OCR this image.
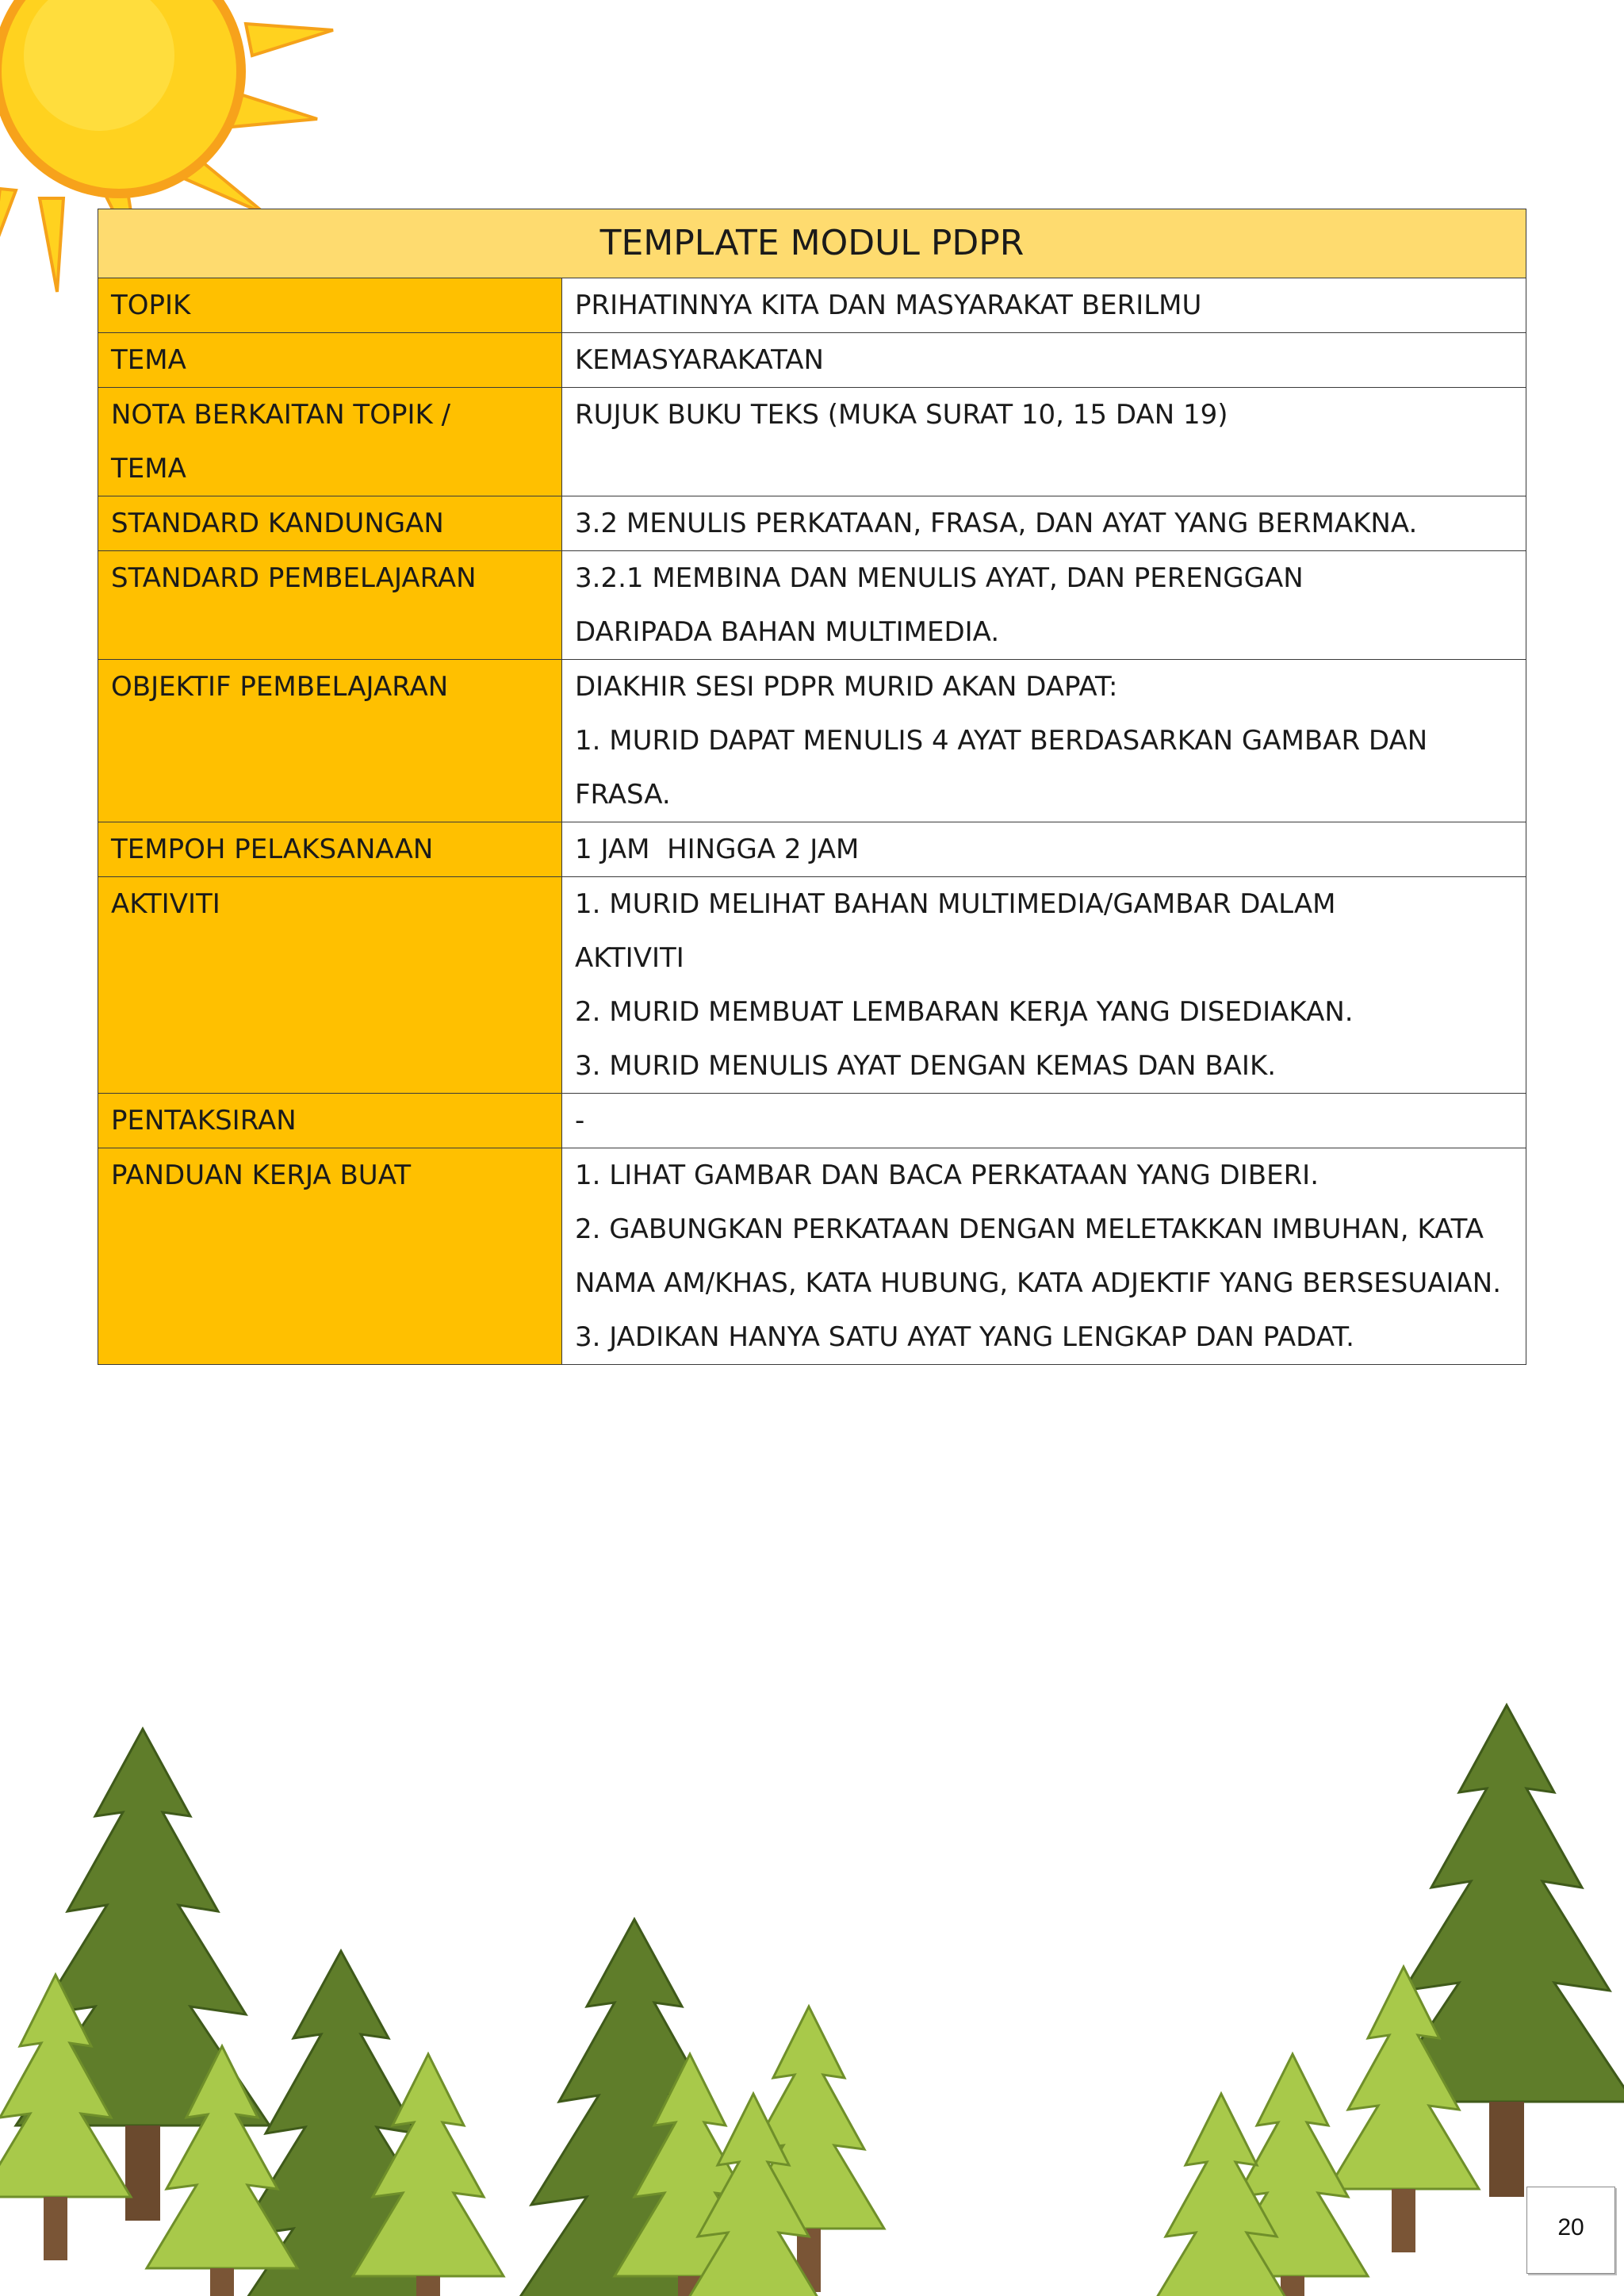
TEMPLATE MODUL PDPR	
TOPIK	PRIHATINNYA KITA DAN MASYARAKAT BERILMU

TEMA	KEMASYARAKATAN

NOTA BERKAITAN TOPIK / TEMA	RUJUK BUKU TEKS (MUKA SURAT 10, 15 DAN 19)

STANDARD KANDUNGAN	3.2 MENULIS PERKATAAN, FRASA, DAN AYAT YANG BERMAKNA.

STANDARD PEMBELAJARAN	3.2.1 MEMBINA DAN MENULIS AYAT, DAN PERENGGAN DARIPADA BAHAN MULTIMEDIA.

OBJEKTIF PEMBELAJARAN	DIAKHIR SESI PDPR MURID AKAN DAPAT:
1. MURID DAPAT MENULIS 4 AYAT BERDASARKAN GAMBAR DAN FRASA.

TEMPOH PELAKSANAAN	1 JAM  HINGGA 2 JAM

AKTIVITI	1. MURID MELIHAT BAHAN MULTIMEDIA/GAMBAR DALAM AKTIVITI
2. MURID MEMBUAT LEMBARAN KERJA YANG DISEDIAKAN.
3. MURID MENULIS AYAT DENGAN KEMAS DAN BAIK.

PENTAKSIRAN	-

PANDUAN KERJA BUAT	1. LIHAT GAMBAR DAN BACA PERKATAAN YANG DIBERI.
2. GABUNGKAN PERKATAAN DENGAN MELETAKKAN IMBUHAN, KATA NAMA AM/KHAS, KATA HUBUNG, KATA ADJEKTIF YANG BERSESUAIAN.
3. JADIKAN HANYA SATU AYAT YANG LENGKAP DAN PADAT.
20
